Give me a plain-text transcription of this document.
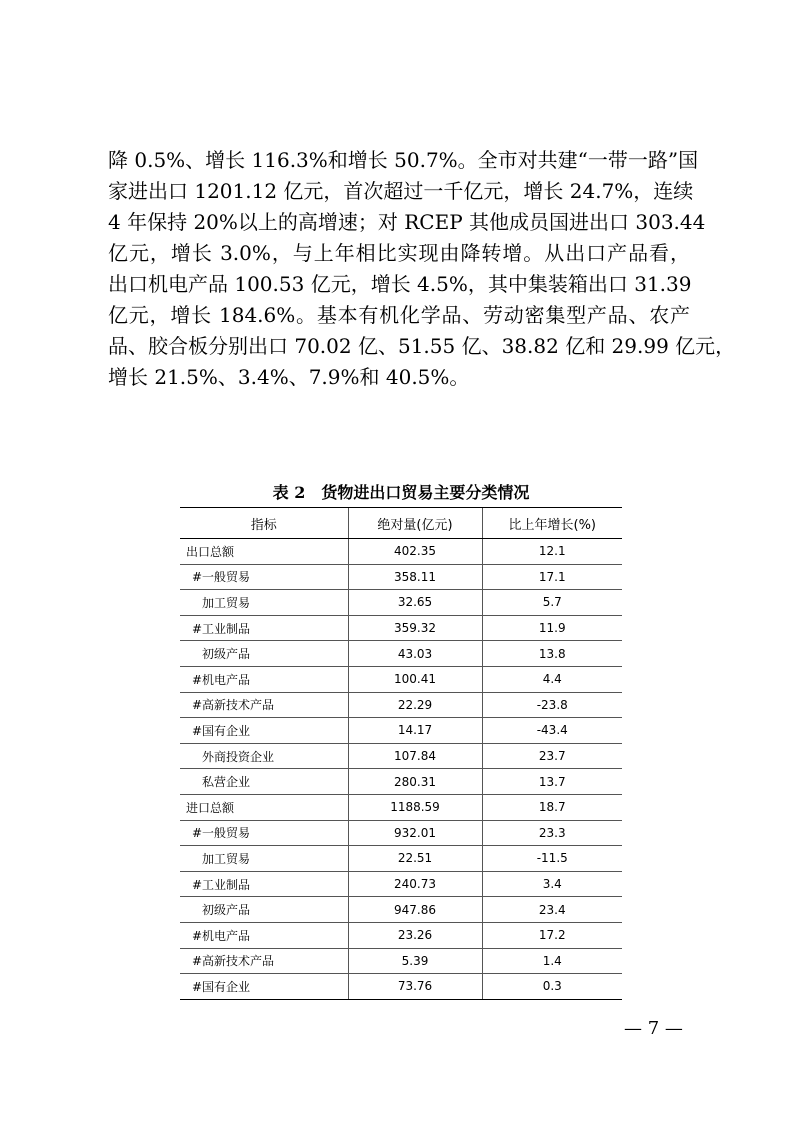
降 0.5%、增长 116.3%和增长 50.7%。全市对共建“一带一路”国
家进出口 1201.12 亿元，首次超过一千亿元，增长 24.7%，连续
4 年保持 20%以上的高增速；对 RCEP 其他成员国进出口 303.44
亿元，增长 3.0%，与上年相比实现由降转增。从出口产品看，
出口机电产品 100.53 亿元，增长 4.5%，其中集装箱出口 31.39
亿元，增长 184.6%。基本有机化学品、劳动密集型产品、农产
品、胶合板分别出口 70.02 亿、51.55 亿、38.82 亿和 29.99 亿元，
增长 21.5%、3.4%、7.9%和 40.5%。
表 2　货物进出口贸易主要分类情况
指标	绝对量(亿元)	比上年增长(%)
出口总额	402.35	12.1
#一般贸易	358.11	17.1
加工贸易	32.65	5.7
#工业制品	359.32	11.9
初级产品	43.03	13.8
#机电产品	100.41	4.4
#高新技术产品	22.29	-23.8
#国有企业	14.17	-43.4
外商投资企业	107.84	23.7
私营企业	280.31	13.7
进口总额	1188.59	18.7
#一般贸易	932.01	23.3
加工贸易	22.51	-11.5
#工业制品	240.73	3.4
初级产品	947.86	23.4
#机电产品	23.26	17.2
#高新技术产品	5.39	1.4
#国有企业	73.76	0.3
— 7 —
